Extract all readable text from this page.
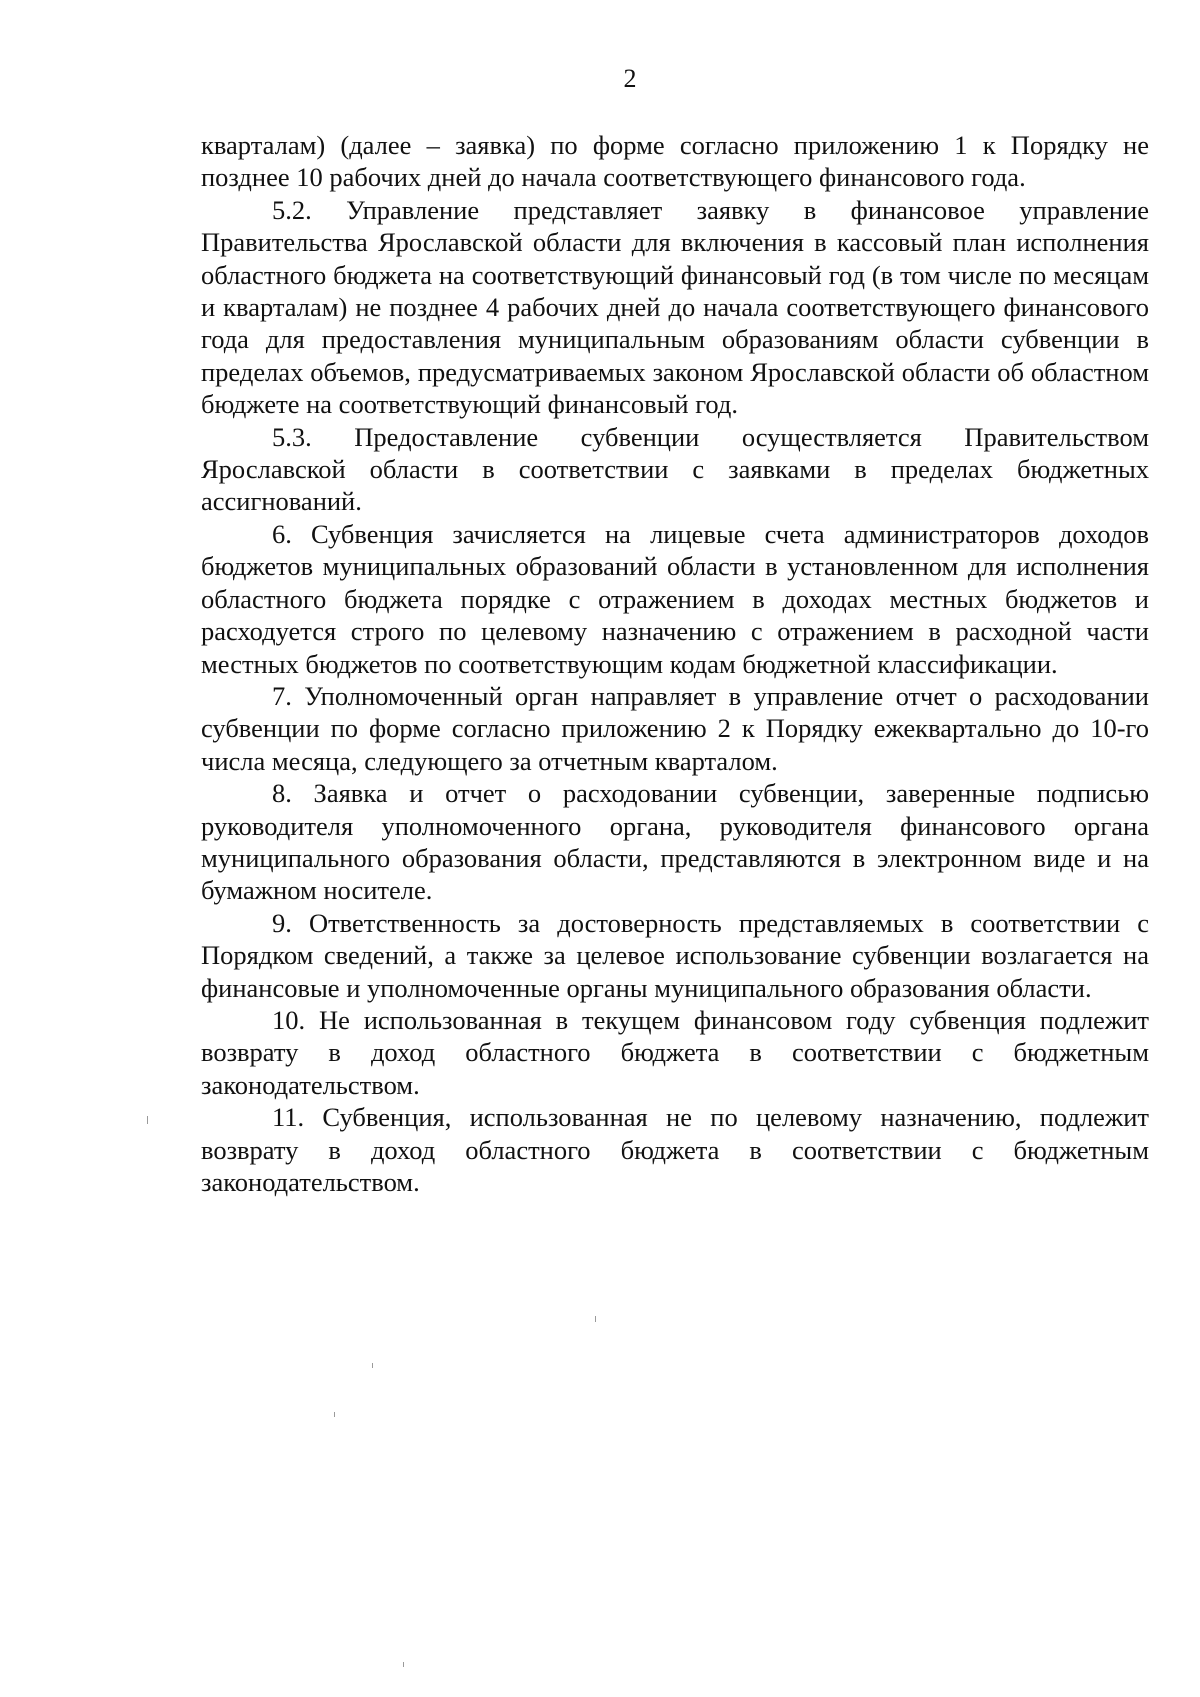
2

кварталам) (далее – заявка) по форме согласно приложению 1 к Порядку не позднее 10 рабочих дней до начала соответствующего финансового года.

5.2. Управление представляет заявку в финансовое управление Правительства Ярославской области для включения в кассовый план исполнения областного бюджета на соответствующий финансовый год (в том числе по месяцам и кварталам) не позднее 4 рабочих дней до начала соответствующего финансового года для предоставления муниципальным образованиям области субвенции в пределах объемов, предусматриваемых законом Ярославской области об областном бюджете на соответствующий финансовый год.

5.3. Предоставление субвенции осуществляется Правительством Ярославской области в соответствии с заявками в пределах бюджетных ассигнований.

6. Субвенция зачисляется на лицевые счета администраторов доходов бюджетов муниципальных образований области в установленном для исполнения областного бюджета порядке с отражением в доходах местных бюджетов и расходуется строго по целевому назначению с отражением в расходной части местных бюджетов по соответствующим кодам бюджетной классификации.

7. Уполномоченный орган направляет в управление отчет о расходовании субвенции по форме согласно приложению 2 к Порядку ежеквартально до 10-го числа месяца, следующего за отчетным кварталом.

8. Заявка и отчет о расходовании субвенции, заверенные подписью руководителя уполномоченного органа, руководителя финансового органа муниципального образования области, представляются в электронном виде и на бумажном носителе.

9. Ответственность за достоверность представляемых в соответствии с Порядком сведений, а также за целевое использование субвенции возлагается на финансовые и уполномоченные органы муниципального образования области.

10. Не использованная в текущем финансовом году субвенция подлежит возврату в доход областного бюджета в соответствии с бюджетным законодательством.

11. Субвенция, использованная не по целевому назначению, подлежит возврату в доход областного бюджета в соответствии с бюджетным законодательством.
